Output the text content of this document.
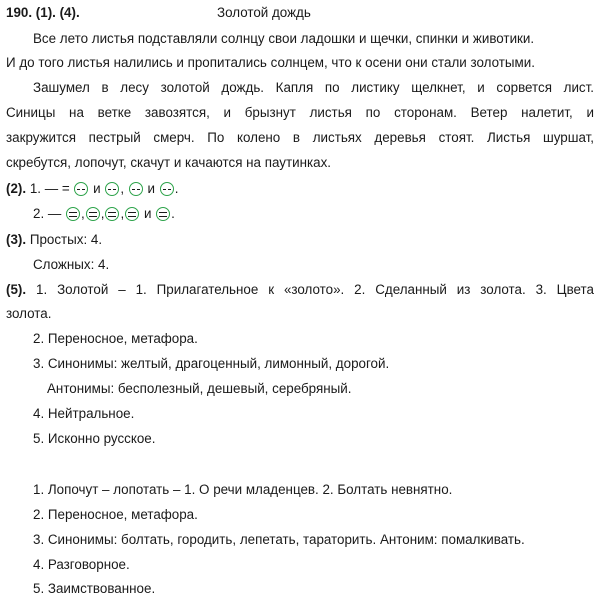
190. (1). (4).	Золотой дождь
Все лето листья подставляли солнцу свои ладошки и щечки, спинки и животики.
И до того листья налились и пропитались солнцем, что к осени они стали золотыми.
Зашумел в лесу золотой дождь. Капля по листику щелкнет, и сорвется лист.
Синицы на ветке завозятся, и брызнут листья по сторонам. Ветер налетит, и
закружится пестрый смерч. По колено в листьях деревья стоят. Листья шуршат,
скребутся, лопочут, скачут и качаются на паутинках.
(2). 1. — = и , и .
2. — , , , и .
(3). Простых: 4.
Сложных: 4.
(5). 1. Золотой – 1. Прилагательное к «золото». 2. Сделанный из золота. 3. Цвета
золота.
2. Переносное, метафора.
3. Синонимы: желтый, драгоценный, лимонный, дорогой.
Антонимы: бесполезный, дешевый, серебряный.
4. Нейтральное.
5. Исконно русское.
1. Лопочут – лопотать – 1. О речи младенцев. 2. Болтать невнятно.
2. Переносное, метафора.
3. Синонимы: болтать, городить, лепетать, тараторить. Антоним: помалкивать.
4. Разговорное.
5. Заимствованное.
